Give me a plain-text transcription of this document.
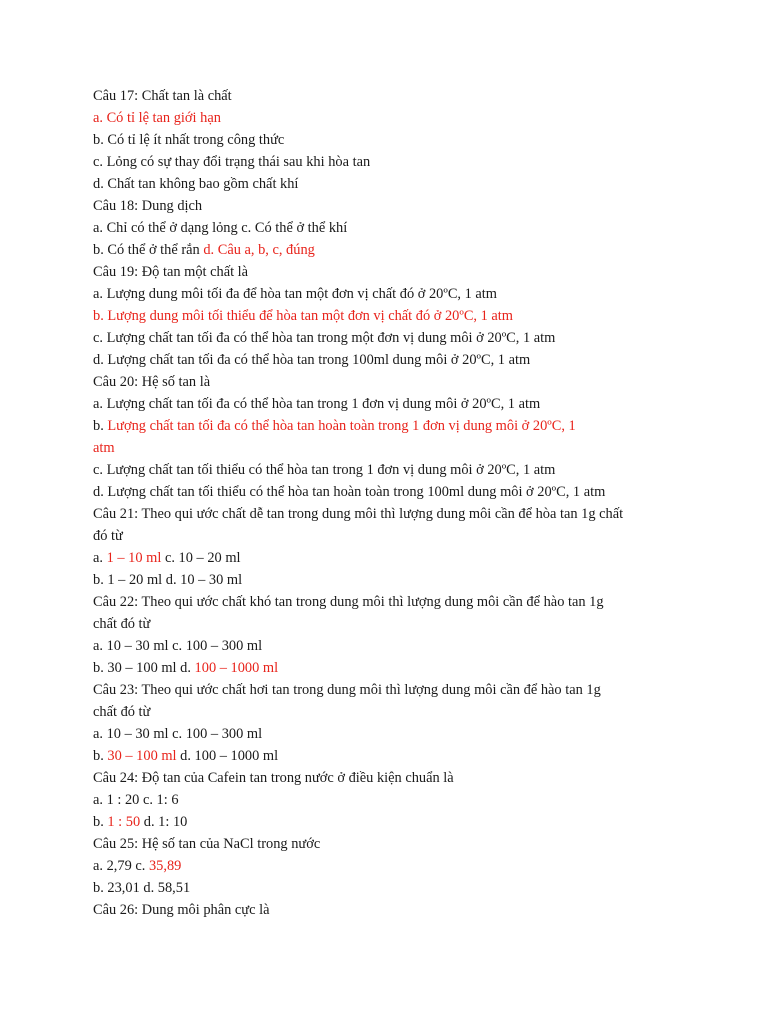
Câu 17: Chất tan là chất
a. Có tỉ lệ tan giới hạn
b. Có tỉ lệ ít nhất trong công thức
c. Lỏng có sự thay đổi trạng thái sau khi hòa tan
d. Chất tan không bao gồm chất khí
Câu 18: Dung dịch
a. Chỉ có thể ở dạng lỏng c. Có thể ở thể khí
b. Có thể ở thể rắn d. Câu a, b, c, đúng
Câu 19: Độ tan một chất là
a. Lượng dung môi tối đa để hòa tan một đơn vị chất đó ở 20ºC, 1 atm
b. Lượng dung môi tối thiểu để hòa tan một đơn vị chất đó ở 20ºC, 1 atm
c. Lượng chất tan tối đa có thể hòa tan trong một đơn vị dung môi ở 20ºC, 1 atm
d. Lượng chất tan tối đa có thể hòa tan trong 100ml dung môi ở 20ºC, 1 atm
Câu 20: Hệ số tan là
a. Lượng chất tan tối đa có thể hòa tan trong 1 đơn vị dung môi ở 20ºC, 1 atm
b. Lượng chất tan tối đa có thể hòa tan hoàn toàn trong 1 đơn vị dung môi ở 20ºC, 1
atm
c. Lượng chất tan tối thiểu có thể hòa tan trong 1 đơn vị dung môi ở 20ºC, 1 atm
d. Lượng chất tan tối thiểu có thể hòa tan hoàn toàn trong 100ml dung môi ở 20ºC, 1 atm
Câu 21: Theo qui ước chất dễ tan trong dung môi thì lượng dung môi cần để hòa tan 1g chất
đó từ
a. 1 – 10 ml c. 10 – 20 ml
b. 1 – 20 ml d. 10 – 30 ml
Câu 22: Theo qui ước chất khó tan trong dung môi thì lượng dung môi cần để hào tan 1g
chất đó từ
a. 10 – 30 ml c. 100 – 300 ml
b. 30 – 100 ml d. 100 – 1000 ml
Câu 23: Theo qui ước chất hơi tan trong dung môi thì lượng dung môi cần để hào tan 1g
chất đó từ
a. 10 – 30 ml c. 100 – 300 ml
b. 30 – 100 ml d. 100 – 1000 ml
Câu 24: Độ tan của Cafein tan trong nước ở điều kiện chuẩn là
a. 1 : 20 c. 1: 6
b. 1 : 50 d. 1: 10
Câu 25: Hệ số tan của NaCl trong nước
a. 2,79 c. 35,89
b. 23,01 d. 58,51
Câu 26: Dung môi phân cực là
